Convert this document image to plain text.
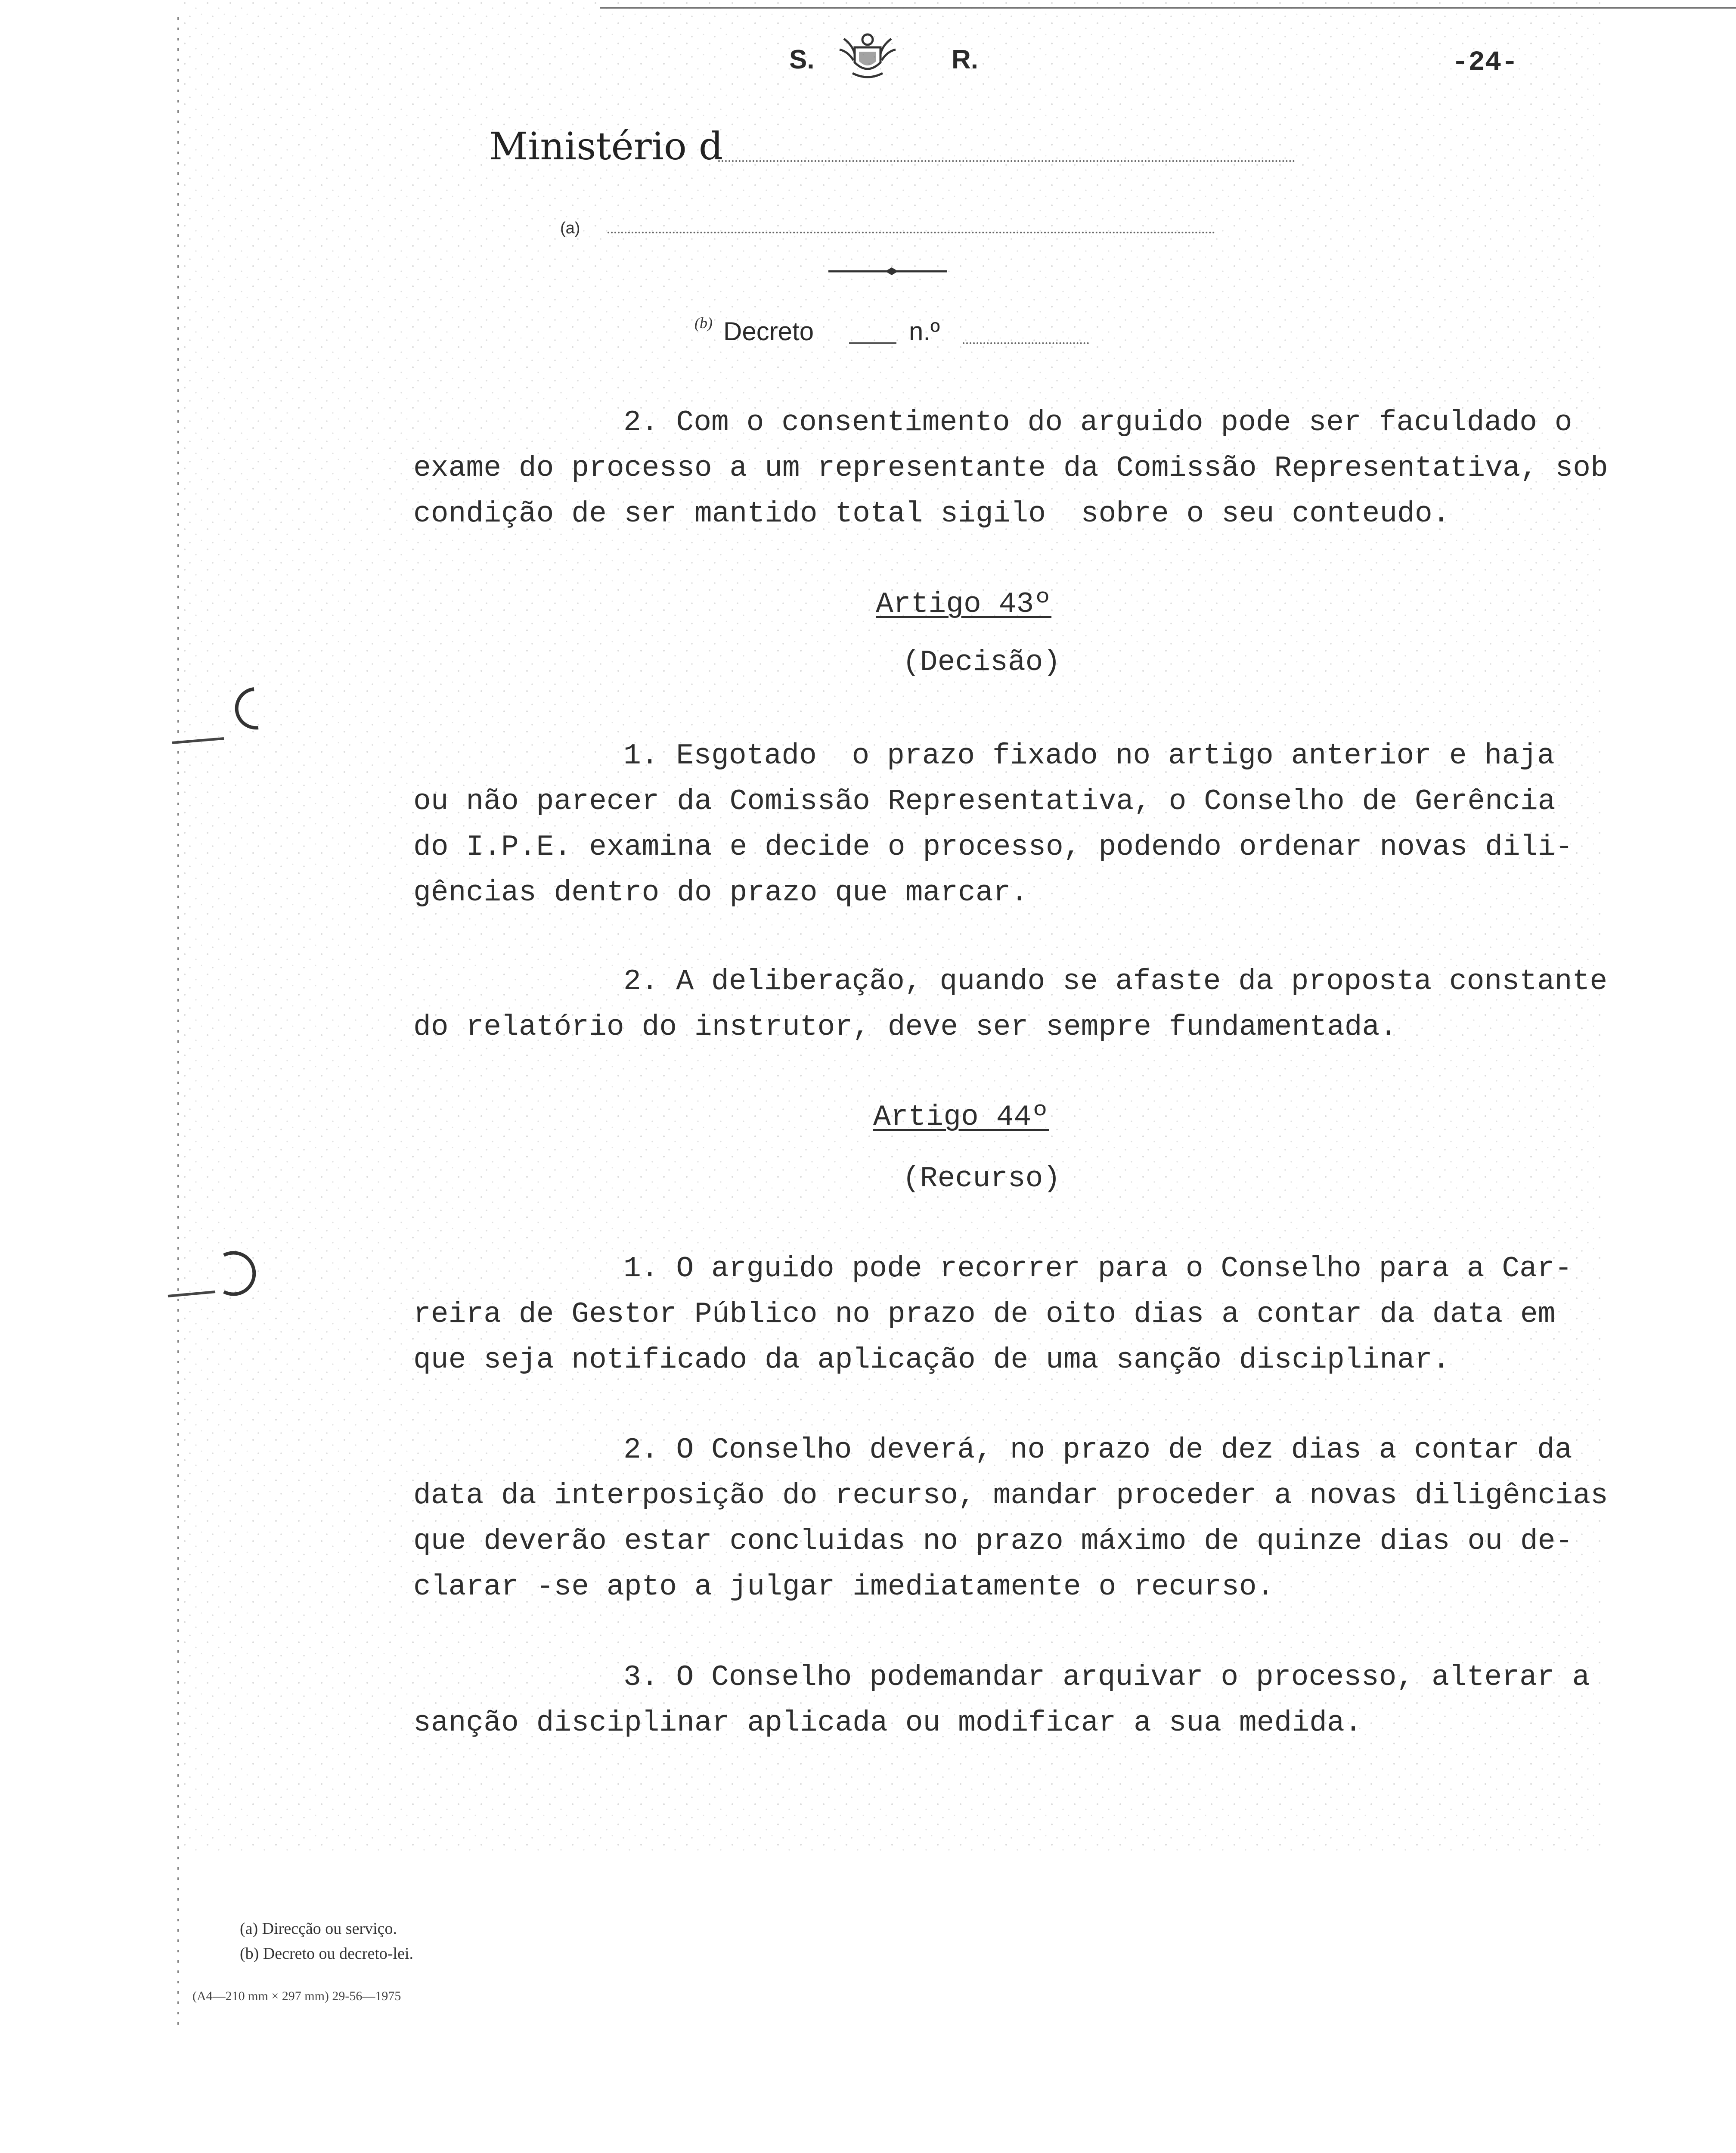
S.	R.	-24-
Ministério d
(a)
(b) Decreto	n.º
2. Com o consentimento do arguido pode ser faculdado o
exame do processo a um representante da Comissão Representativa, sob
condição de ser mantido total sigilo  sobre o seu conteudo.
Artigo 43º
(Decisão)
1. Esgotado  o prazo fixado no artigo anterior e haja
ou não parecer da Comissão Representativa, o Conselho de Gerência
do I.P.E. examina e decide o processo, podendo ordenar novas dili-
gências dentro do prazo que marcar.
2. A deliberação, quando se afaste da proposta constante
do relatório do instrutor, deve ser sempre fundamentada.
Artigo 44º
(Recurso)
1. O arguido pode recorrer para o Conselho para a Car-
reira de Gestor Público no prazo de oito dias a contar da data em
que seja notificado da aplicação de uma sanção disciplinar.
2. O Conselho deverá, no prazo de dez dias a contar da
data da interposição do recurso, mandar proceder a novas diligências
que deverão estar concluidas no prazo máximo de quinze dias ou de-
clarar -se apto a julgar imediatamente o recurso.
3. O Conselho podemandar arquivar o processo, alterar a
sanção disciplinar aplicada ou modificar a sua medida.
(a) Direcção ou serviço.
(b) Decreto ou decreto-lei.
(A4—210 mm × 297 mm) 29-56—1975
